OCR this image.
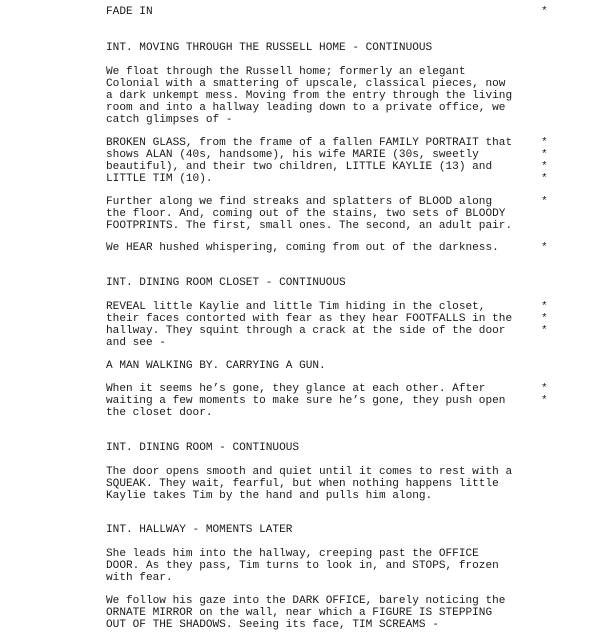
FADE IN

INT. MOVING THROUGH THE RUSSELL HOME - CONTINUOUS

We float through the Russell home; formerly an elegant

Colonial with a smattering of upscale, classical pieces, now

a dark unkempt mess. Moving from the entry through the living

room and into a hallway leading down to a private office, we

catch glimpses of -

BROKEN GLASS, from the frame of a fallen FAMILY PORTRAIT that

shows ALAN (40s, handsome), his wife MARIE (30s, sweetly

beautiful), and their two children, LITTLE KAYLIE (13) and

LITTLE TIM (10).

Further along we find streaks and splatters of BLOOD along

the floor. And, coming out of the stains, two sets of BLOODY

FOOTPRINTS. The first, small ones. The second, an adult pair.

We HEAR hushed whispering, coming from out of the darkness.

INT. DINING ROOM CLOSET - CONTINUOUS

REVEAL little Kaylie and little Tim hiding in the closet,

their faces contorted with fear as they hear FOOTFALLS in the

hallway. They squint through a crack at the side of the door

and see -

A MAN WALKING BY. CARRYING A GUN.

When it seems he’s gone, they glance at each other. After

waiting a few moments to make sure he’s gone, they push open

the closet door.

INT. DINING ROOM - CONTINUOUS

The door opens smooth and quiet until it comes to rest with a

SQUEAK. They wait, fearful, but when nothing happens little

Kaylie takes Tim by the hand and pulls him along.

INT. HALLWAY - MOMENTS LATER

She leads him into the hallway, creeping past the OFFICE

DOOR. As they pass, Tim turns to look in, and STOPS, frozen

with fear.

We follow his gaze into the DARK OFFICE, barely noticing the

ORNATE MIRROR on the wall, near which a FIGURE IS STEPPING

OUT OF THE SHADOWS. Seeing its face, TIM SCREAMS -

*
*
*
*
*
*
*
*
*
*
*
*
